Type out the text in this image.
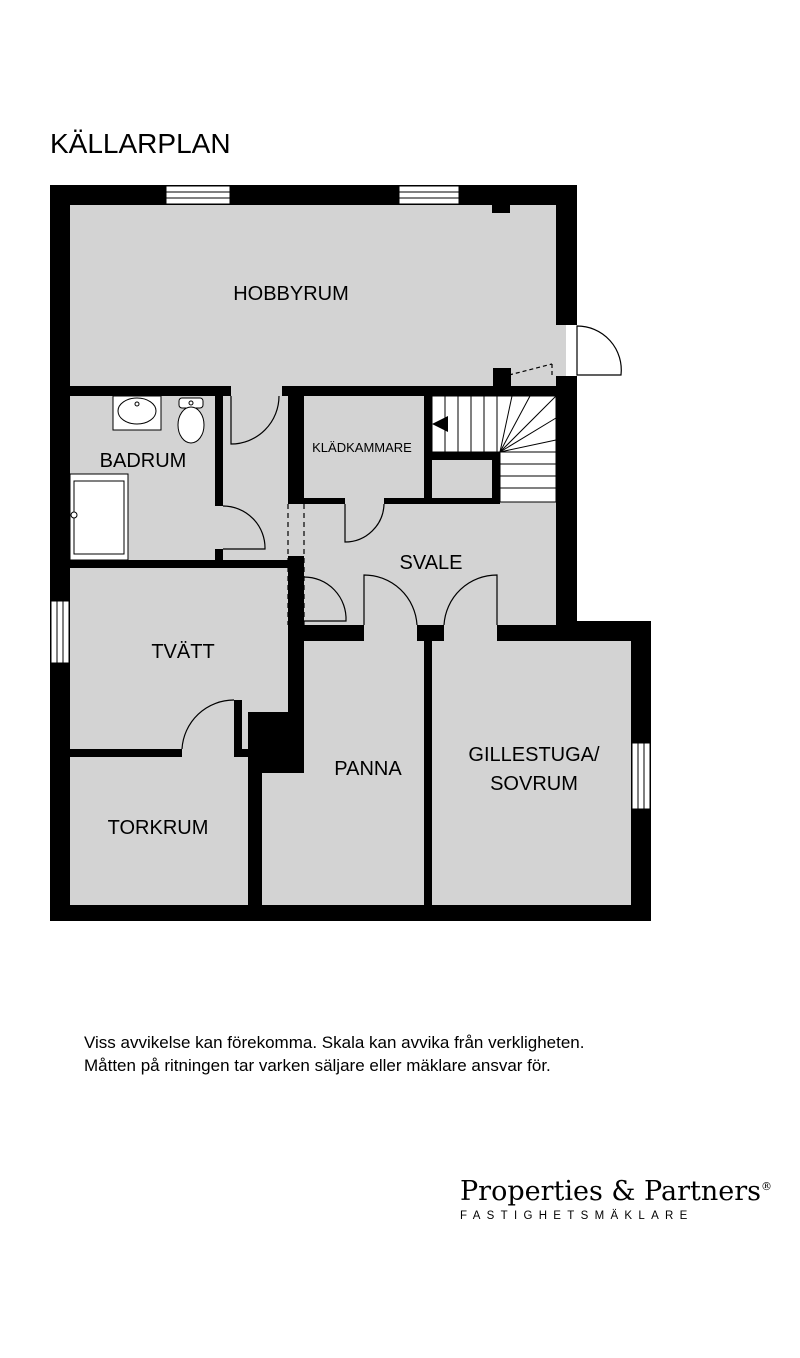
KÄLLARPLAN
HOBBYRUM
BADRUM
KLÄDKAMMARE
SVALE
TVÄTT
PANNA
GILLESTUGA/
SOVRUM
TORKRUM
Viss avvikelse kan förekomma. Skala kan avvika från verkligheten.
Måtten på ritningen tar varken säljare eller mäklare ansvar för.
Properties & Partners®
FASTIGHETSMÄKLARE
